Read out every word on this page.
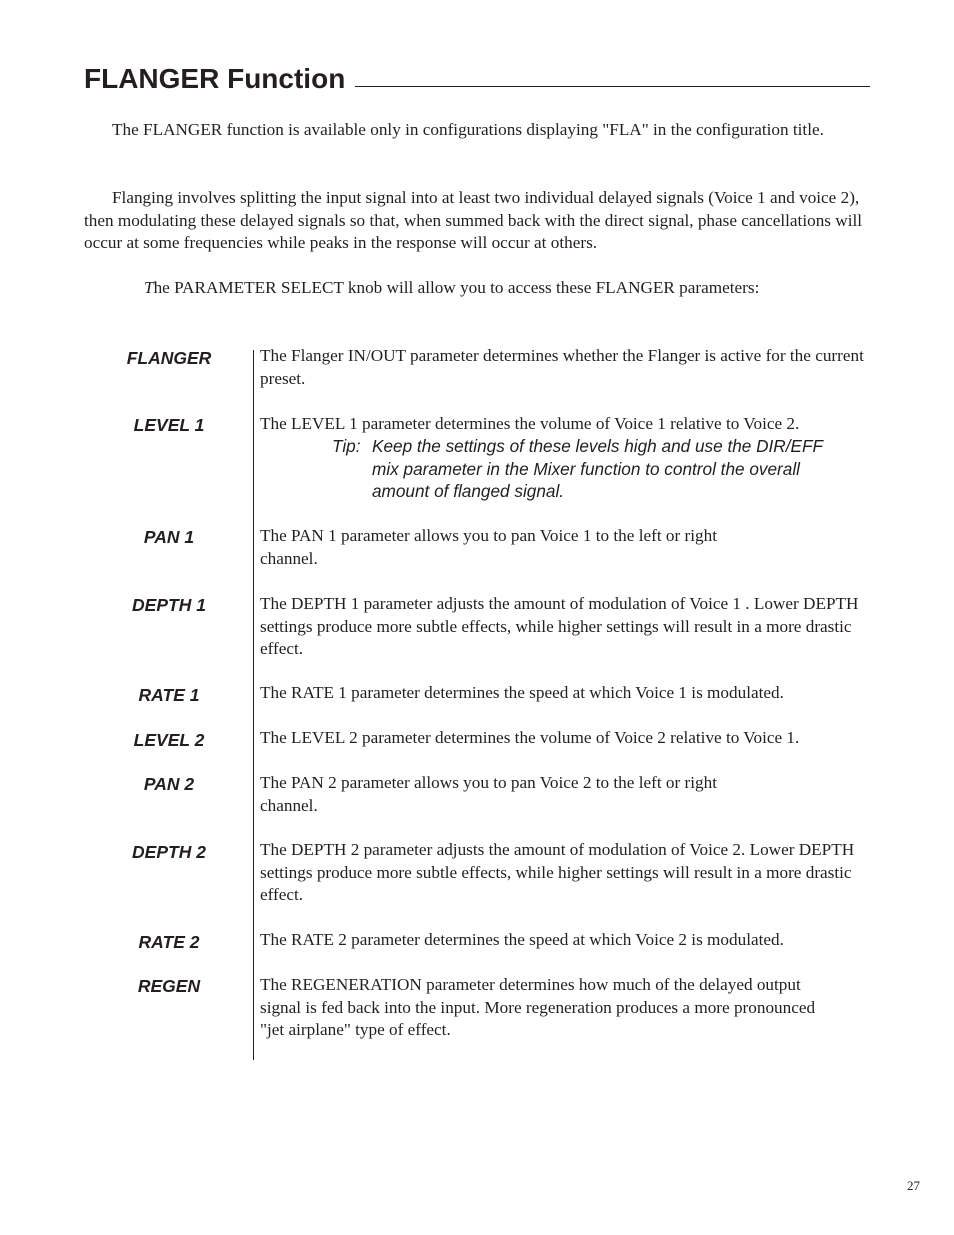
FLANGER Function

The FLANGER function is available only in configurations displaying "FLA" in the configuration title.

Flanging involves splitting the input signal into at least two individual delayed signals (Voice 1 and voice 2), then modulating these delayed signals so that, when summed back with the direct signal, phase cancellations will occur at some frequencies while peaks in the response will occur at others.

The PARAMETER SELECT knob will allow you to access these FLANGER parameters:

FLANGER	The Flanger IN/OUT parameter determines whether the Flanger is active for the current preset.
LEVEL 1	The LEVEL 1 parameter determines the volume of Voice 1 relative to Voice 2.
Tip: Keep the settings of these levels high and use the DIR/EFF mix parameter in the Mixer function to control the overall amount of flanged signal.
PAN 1	The PAN 1 parameter allows you to pan Voice 1 to the left or right channel.
DEPTH 1	The DEPTH 1 parameter adjusts the amount of modulation of Voice 1 . Lower DEPTH settings produce more subtle effects, while higher settings will result in a more drastic effect.
RATE 1	The RATE 1 parameter determines the speed at which Voice 1 is modulated.
LEVEL 2	The LEVEL 2 parameter determines the volume of Voice 2 relative to Voice 1.
PAN 2	The PAN 2 parameter allows you to pan Voice 2 to the left or right channel.
DEPTH 2	The DEPTH 2 parameter adjusts the amount of modulation of Voice 2. Lower DEPTH settings produce more subtle effects, while higher settings will result in a more drastic effect.
RATE 2	The RATE 2 parameter determines the speed at which Voice 2 is modulated.
REGEN	The REGENERATION parameter determines how much of the delayed output signal is fed back into the input. More regeneration produces a more pronounced "jet airplane" type of effect.
27
